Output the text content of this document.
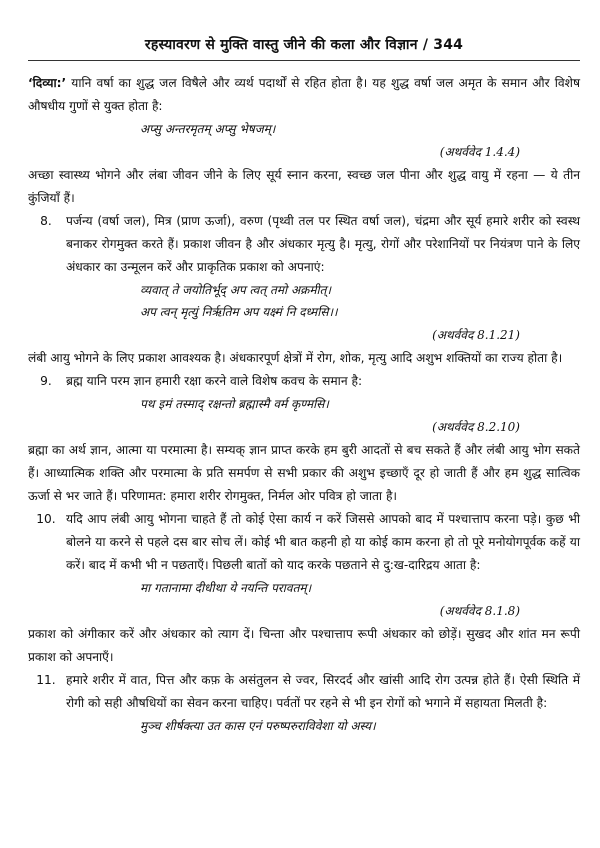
रहस्यावरण से मुक्ति वास्तु जीने की कला और विज्ञान / 344

‘दिव्या:’ यानि वर्षा का शुद्ध जल विषैले और व्यर्थ पदार्थों से रहित होता है। यह शुद्ध वर्षा जल अमृत के समान और विशेष औषधीय गुणों से युक्त होता है:

अप्सु अन्तरमृतम् अप्सु भेषजम्।

(अथर्ववेद 1.4.4)

अच्छा स्वास्थ्य भोगने और लंबा जीवन जीने के लिए सूर्य स्नान करना, स्वच्छ जल पीना और शुद्ध वायु में रहना — ये तीन कुंजियाँ हैं।

8.	पर्जन्य (वर्षा जल), मित्र (प्राण ऊर्जा), वरुण (पृथ्वी तल पर स्थित वर्षा जल), चंद्रमा और सूर्य हमारे शरीर को स्वस्थ बनाकर रोगमुक्त करते हैं। प्रकाश जीवन है और अंधकार मृत्यु है। मृत्यु, रोगों और परेशानियों पर नियंत्रण पाने के लिए अंधकार का उन्मूलन करें और प्राकृतिक प्रकाश को अपनाएं:

व्यवात् ते जयोतिर्भूद् अप त्वत् तमो अक्रमीत्।

अप त्वन् मृत्युं निर्ऋतिम अप यक्ष्मं नि दध्मसि।।

(अथर्ववेद 8.1.21)

लंबी आयु भोगने के लिए प्रकाश आवश्यक है। अंधकारपूर्ण क्षेत्रों में रोग, शोक, मृत्यु आदि अशुभ शक्तियों का राज्य होता है।

9.	ब्रह्म यानि परम ज्ञान हमारी रक्षा करने वाले विशेष कवच के समान है:

पथ इमं तस्माद् रक्षन्तो ब्रह्मास्मै वर्म कृण्मसि।

(अथर्ववेद 8.2.10)

ब्रह्मा का अर्थ ज्ञान, आत्मा या परमात्मा है। सम्यक् ज्ञान प्राप्त करके हम बुरी आदतों से बच सकते हैं और लंबी आयु भोग सकते हैं। आध्यात्मिक शक्ति और परमात्मा के प्रति समर्पण से सभी प्रकार की अशुभ इच्छाएँ दूर हो जाती हैं और हम शुद्ध सात्विक ऊर्जा से भर जाते हैं। परिणामत: हमारा शरीर रोगमुक्त, निर्मल ओर पवित्र हो जाता है।

10. यदि आप लंबी आयु भोगना चाहते हैं तो कोई ऐसा कार्य न करें जिससे आपको बाद में पश्चात्ताप करना पड़े। कुछ भी बोलने या करने से पहले दस बार सोच लें। कोई भी बात कहनी हो या कोई काम करना हो तो पूरे मनोयोगपूर्वक कहें या करें। बाद में कभी भी न पछताएँ। पिछली बातों को याद करके पछताने से दु:ख-दारिद्रय आता है:

मा गतानामा दीधीथा ये नयन्ति परावतम्।

(अथर्ववेद 8.1.8)

प्रकाश को अंगीकार करें और अंधकार को त्याग दें। चिन्ता और पश्चात्ताप रूपी अंधकार को छोड़ें। सुखद और शांत मन रूपी प्रकाश को अपनाएँ।

11. हमारे शरीर में वात, पित्त और कफ़ के असंतुलन से ज्वर, सिरदर्द और खांसी आदि रोग उत्पन्न होते हैं। ऐसी स्थिति में रोगी को सही औषधियों का सेवन करना चाहिए। पर्वतों पर रहने से भी इन रोगों को भगाने में सहायता मिलती है:

मुञ्च शीर्षक्त्या उत कास एनं परुष्परुराविवेशा यो अस्य।
